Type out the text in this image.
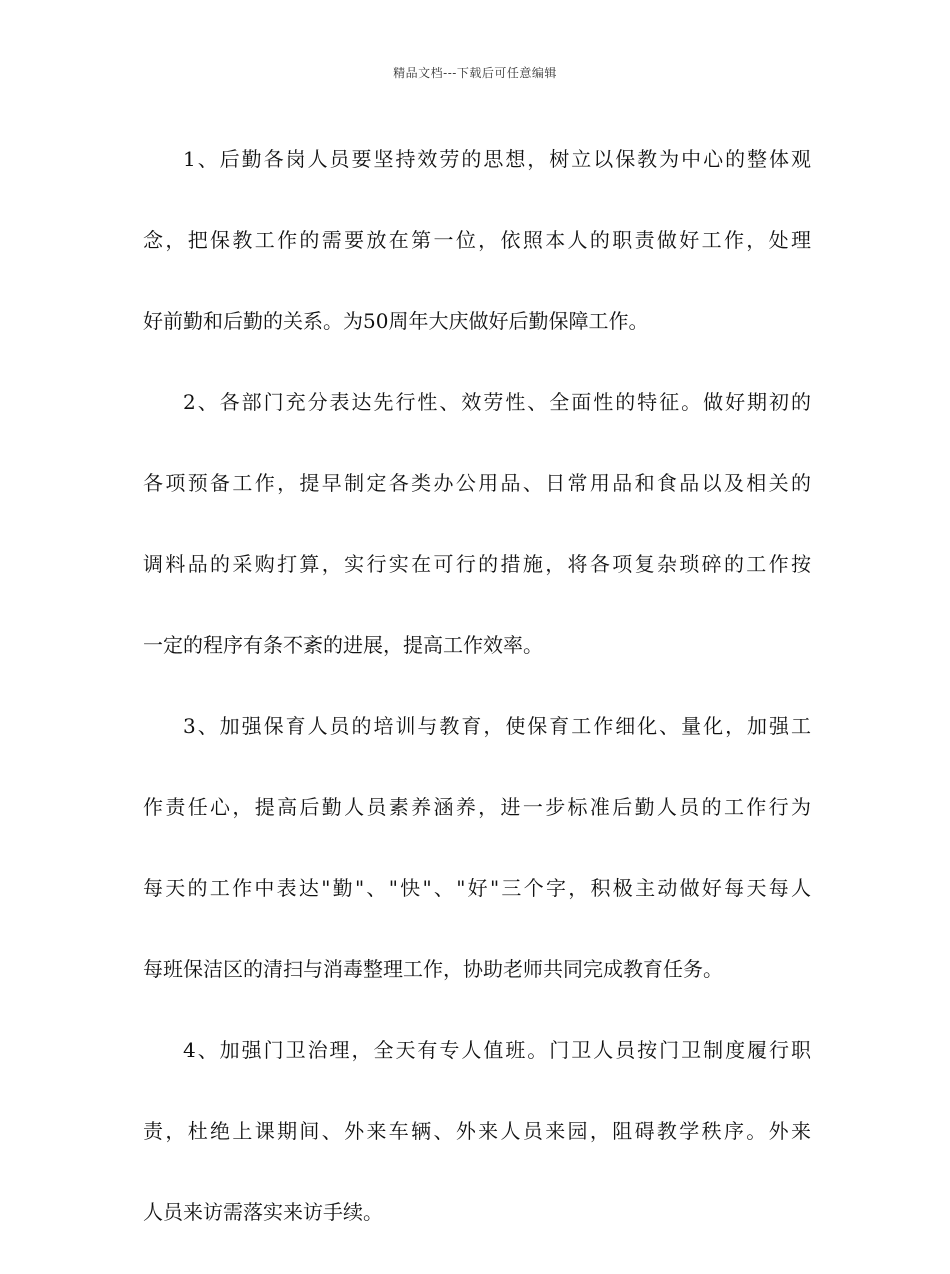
精品文档---下载后可任意编辑
1、后勤各岗人员要坚持效劳的思想，树立以保教为中心的整体观
念，把保教工作的需要放在第一位，依照本人的职责做好工作，处理
好前勤和后勤的关系。为50周年大庆做好后勤保障工作。
2、各部门充分表达先行性、效劳性、全面性的特征。做好期初的
各项预备工作，提早制定各类办公用品、日常用品和食品以及相关的
调料品的采购打算，实行实在可行的措施，将各项复杂琐碎的工作按
一定的程序有条不紊的进展，提高工作效率。
3、加强保育人员的培训与教育，使保育工作细化、量化，加强工
作责任心，提高后勤人员素养涵养，进一步标准后勤人员的工作行为
每天的工作中表达"勤"、"快"、"好"三个字，积极主动做好每天每人
每班保洁区的清扫与消毒整理工作，协助老师共同完成教育任务。
4、加强门卫治理，全天有专人值班。门卫人员按门卫制度履行职
责，杜绝上课期间、外来车辆、外来人员来园，阻碍教学秩序。外来
人员来访需落实来访手续。
